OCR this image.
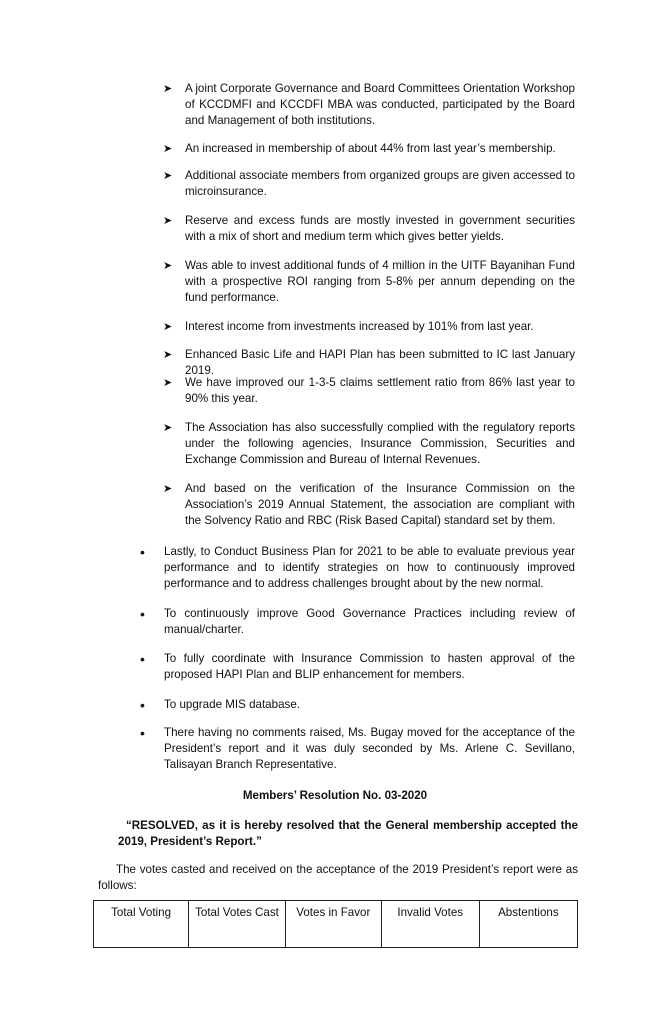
➤	A joint Corporate Governance and Board Committees Orientation Workshop of KCCDMFI and KCCDFI MBA was conducted, participated by the Board and Management of both institutions.
➤	An increased in membership of about 44% from last year’s membership.
➤	Additional associate members from organized groups are given accessed to microinsurance.
➤	Reserve and excess funds are mostly invested in government securities with a mix of short and medium term which gives better yields.
➤	Was able to invest additional funds of 4 million in the UITF Bayanihan Fund with a prospective ROI ranging from 5-8% per annum depending on the fund performance.
➤	Interest income from investments increased by 101% from last year.
➤	Enhanced Basic Life and HAPI Plan has been submitted to IC last January 2019.
➤	We have improved our 1-3-5 claims settlement ratio from 86% last year to 90% this year.
➤	The Association has also successfully complied with the regulatory reports under the following agencies, Insurance Commission, Securities and Exchange Commission and Bureau of Internal Revenues.
➤	And based on the verification of the Insurance Commission on the Association’s 2019 Annual Statement, the association are compliant with the Solvency Ratio and RBC (Risk Based Capital) standard set by them.
•	Lastly, to Conduct Business Plan for 2021 to be able to evaluate previous year performance and to identify strategies on how to continuously improved performance and to address challenges brought about by the new normal.
•	To continuously improve Good Governance Practices including review of manual/charter.
•	To fully coordinate with Insurance Commission to hasten approval of the proposed HAPI Plan and BLIP enhancement for members.
•	To upgrade MIS database.
•	There having no comments raised, Ms. Bugay moved for the acceptance of the President’s report and it was duly seconded by Ms. Arlene C. Sevillano, Talisayan Branch Representative.
Members’ Resolution No. 03-2020
“RESOLVED, as it is hereby resolved that the General membership accepted the 2019, President’s Report.”
The votes casted and received on the acceptance of the 2019 President’s report were as follows:
Total Voting	Total Votes Cast	Votes in Favor	Invalid Votes	Abstentions
